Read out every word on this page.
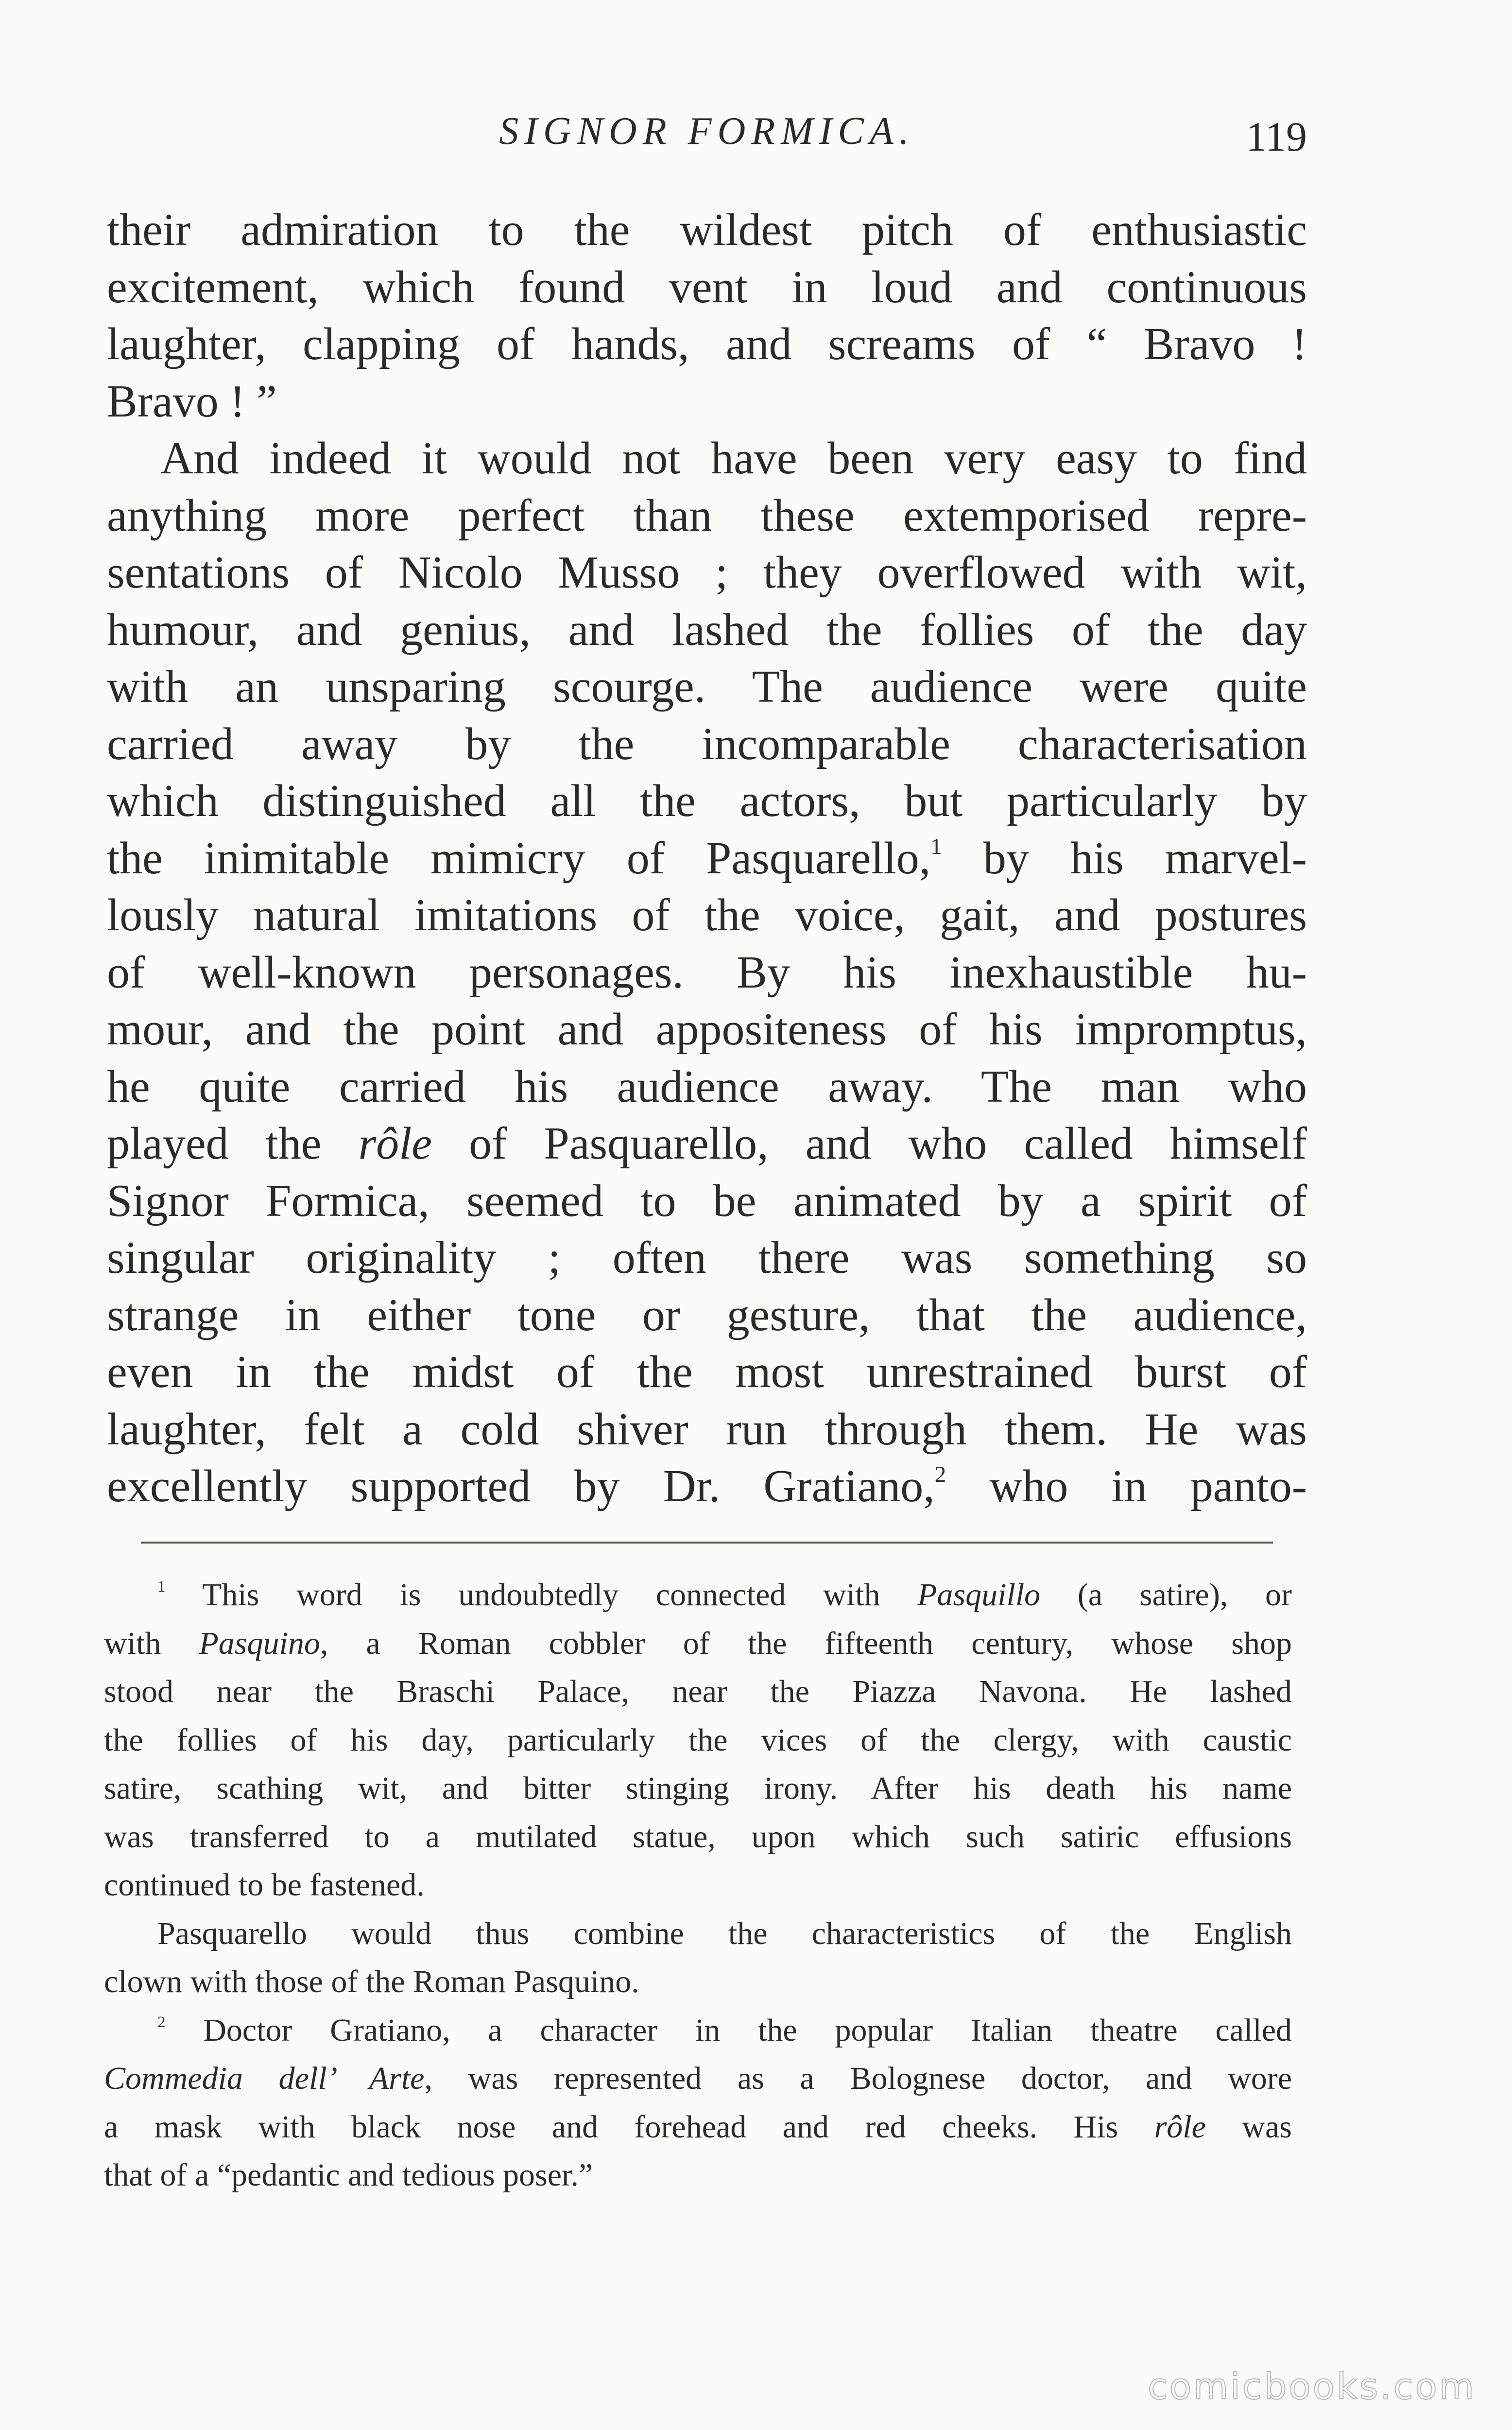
SIGNOR FORMICA.	119

their admiration to the wildest pitch of enthusiastic
excitement, which found vent in loud and continuous
laughter, clapping of hands, and screams of “ Bravo !
Bravo ! ”

And indeed it would not have been very easy to find
anything more perfect than these extemporised repre-
sentations of Nicolo Musso ; they overflowed with wit,
humour, and genius, and lashed the follies of the day
with an unsparing scourge. The audience were quite
carried away by the incomparable characterisation
which distinguished all the actors, but particularly by
the inimitable mimicry of Pasquarello,$^1$ by his marvel-
lously natural imitations of the voice, gait, and postures
of well-known personages. By his inexhaustible hu-
mour, and the point and appositeness of his impromptus,
he quite carried his audience away. The man who
played the rôle of Pasquarello, and who called himself
Signor Formica, seemed to be animated by a spirit of
singular originality ; often there was something so
strange in either tone or gesture, that the audience,
even in the midst of the most unrestrained burst of
laughter, felt a cold shiver run through them. He was
excellently supported by Dr. Gratiano,$^2$ who in panto-

$^1$ This word is undoubtedly connected with Pasquillo (a satire), or
with Pasquino, a Roman cobbler of the fifteenth century, whose shop
stood near the Braschi Palace, near the Piazza Navona. He lashed
the follies of his day, particularly the vices of the clergy, with caustic
satire, scathing wit, and bitter stinging irony. After his death his name
was transferred to a mutilated statue, upon which such satiric effusions
continued to be fastened.
Pasquarello would thus combine the characteristics of the English
clown with those of the Roman Pasquino.
$^2$ Doctor Gratiano, a character in the popular Italian theatre called
Commedia dell’ Arte, was represented as a Bolognese doctor, and wore
a mask with black nose and forehead and red cheeks. His rôle was
that of a “pedantic and tedious poser.”
comicbooks.com
